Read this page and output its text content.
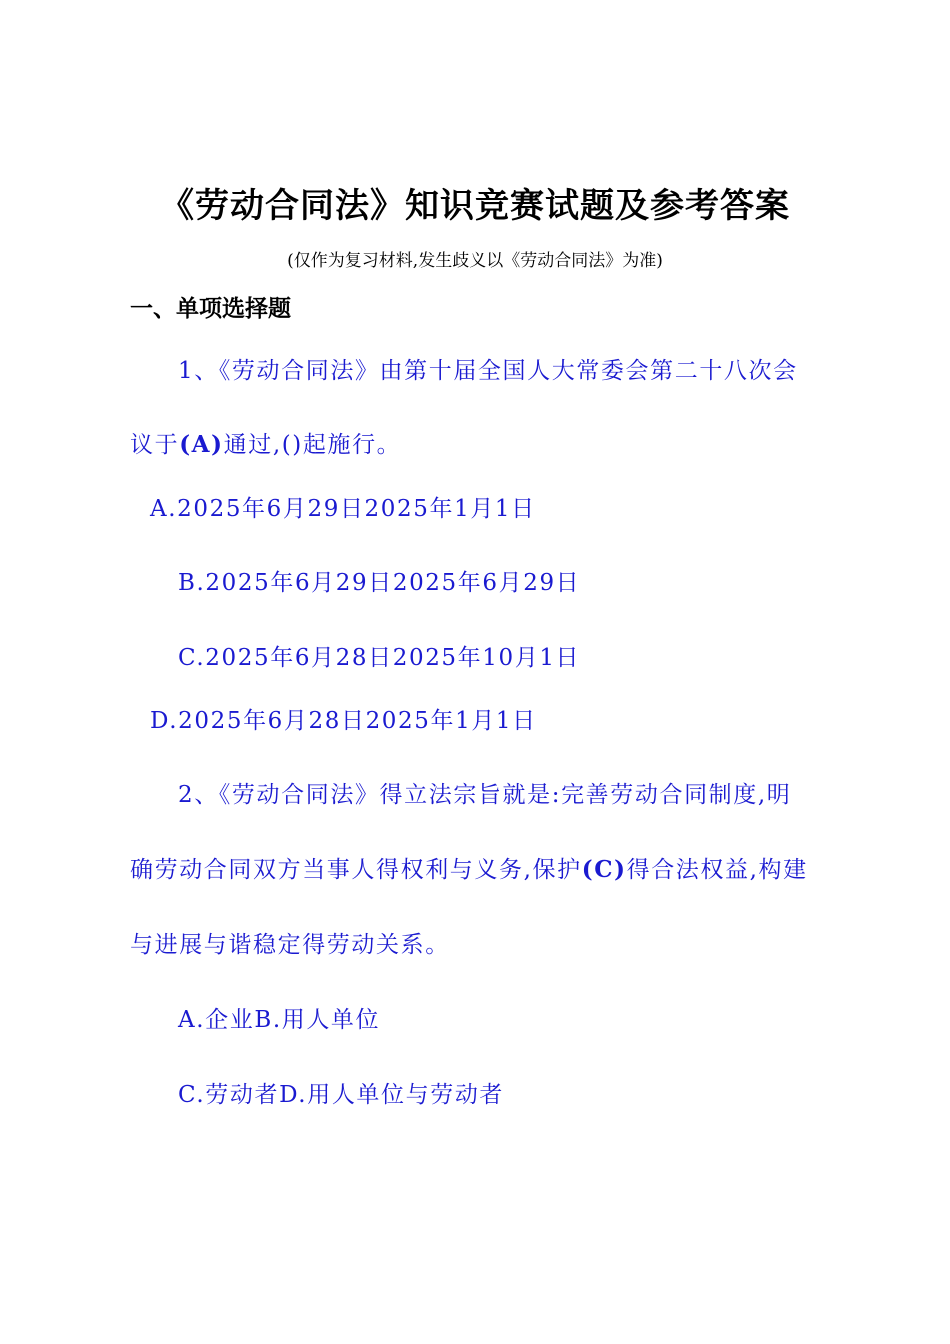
《劳动合同法》知识竞赛试题及参考答案
(仅作为复习材料,发生歧义以《劳动合同法》为准)
一、单项选择题
1、《劳动合同法》由第十届全国人大常委会第二十八次会
议于(A)通过,()起施行。
A.2025年6月29日2025年1月1日
B.2025年6月29日2025年6月29日
C.2025年6月28日2025年10月1日
D.2025年6月28日2025年1月1日
2、《劳动合同法》得立法宗旨就是:完善劳动合同制度,明
确劳动合同双方当事人得权利与义务,保护(C)得合法权益,构建
与进展与谐稳定得劳动关系。
A.企业B.用人单位
C.劳动者D.用人单位与劳动者
